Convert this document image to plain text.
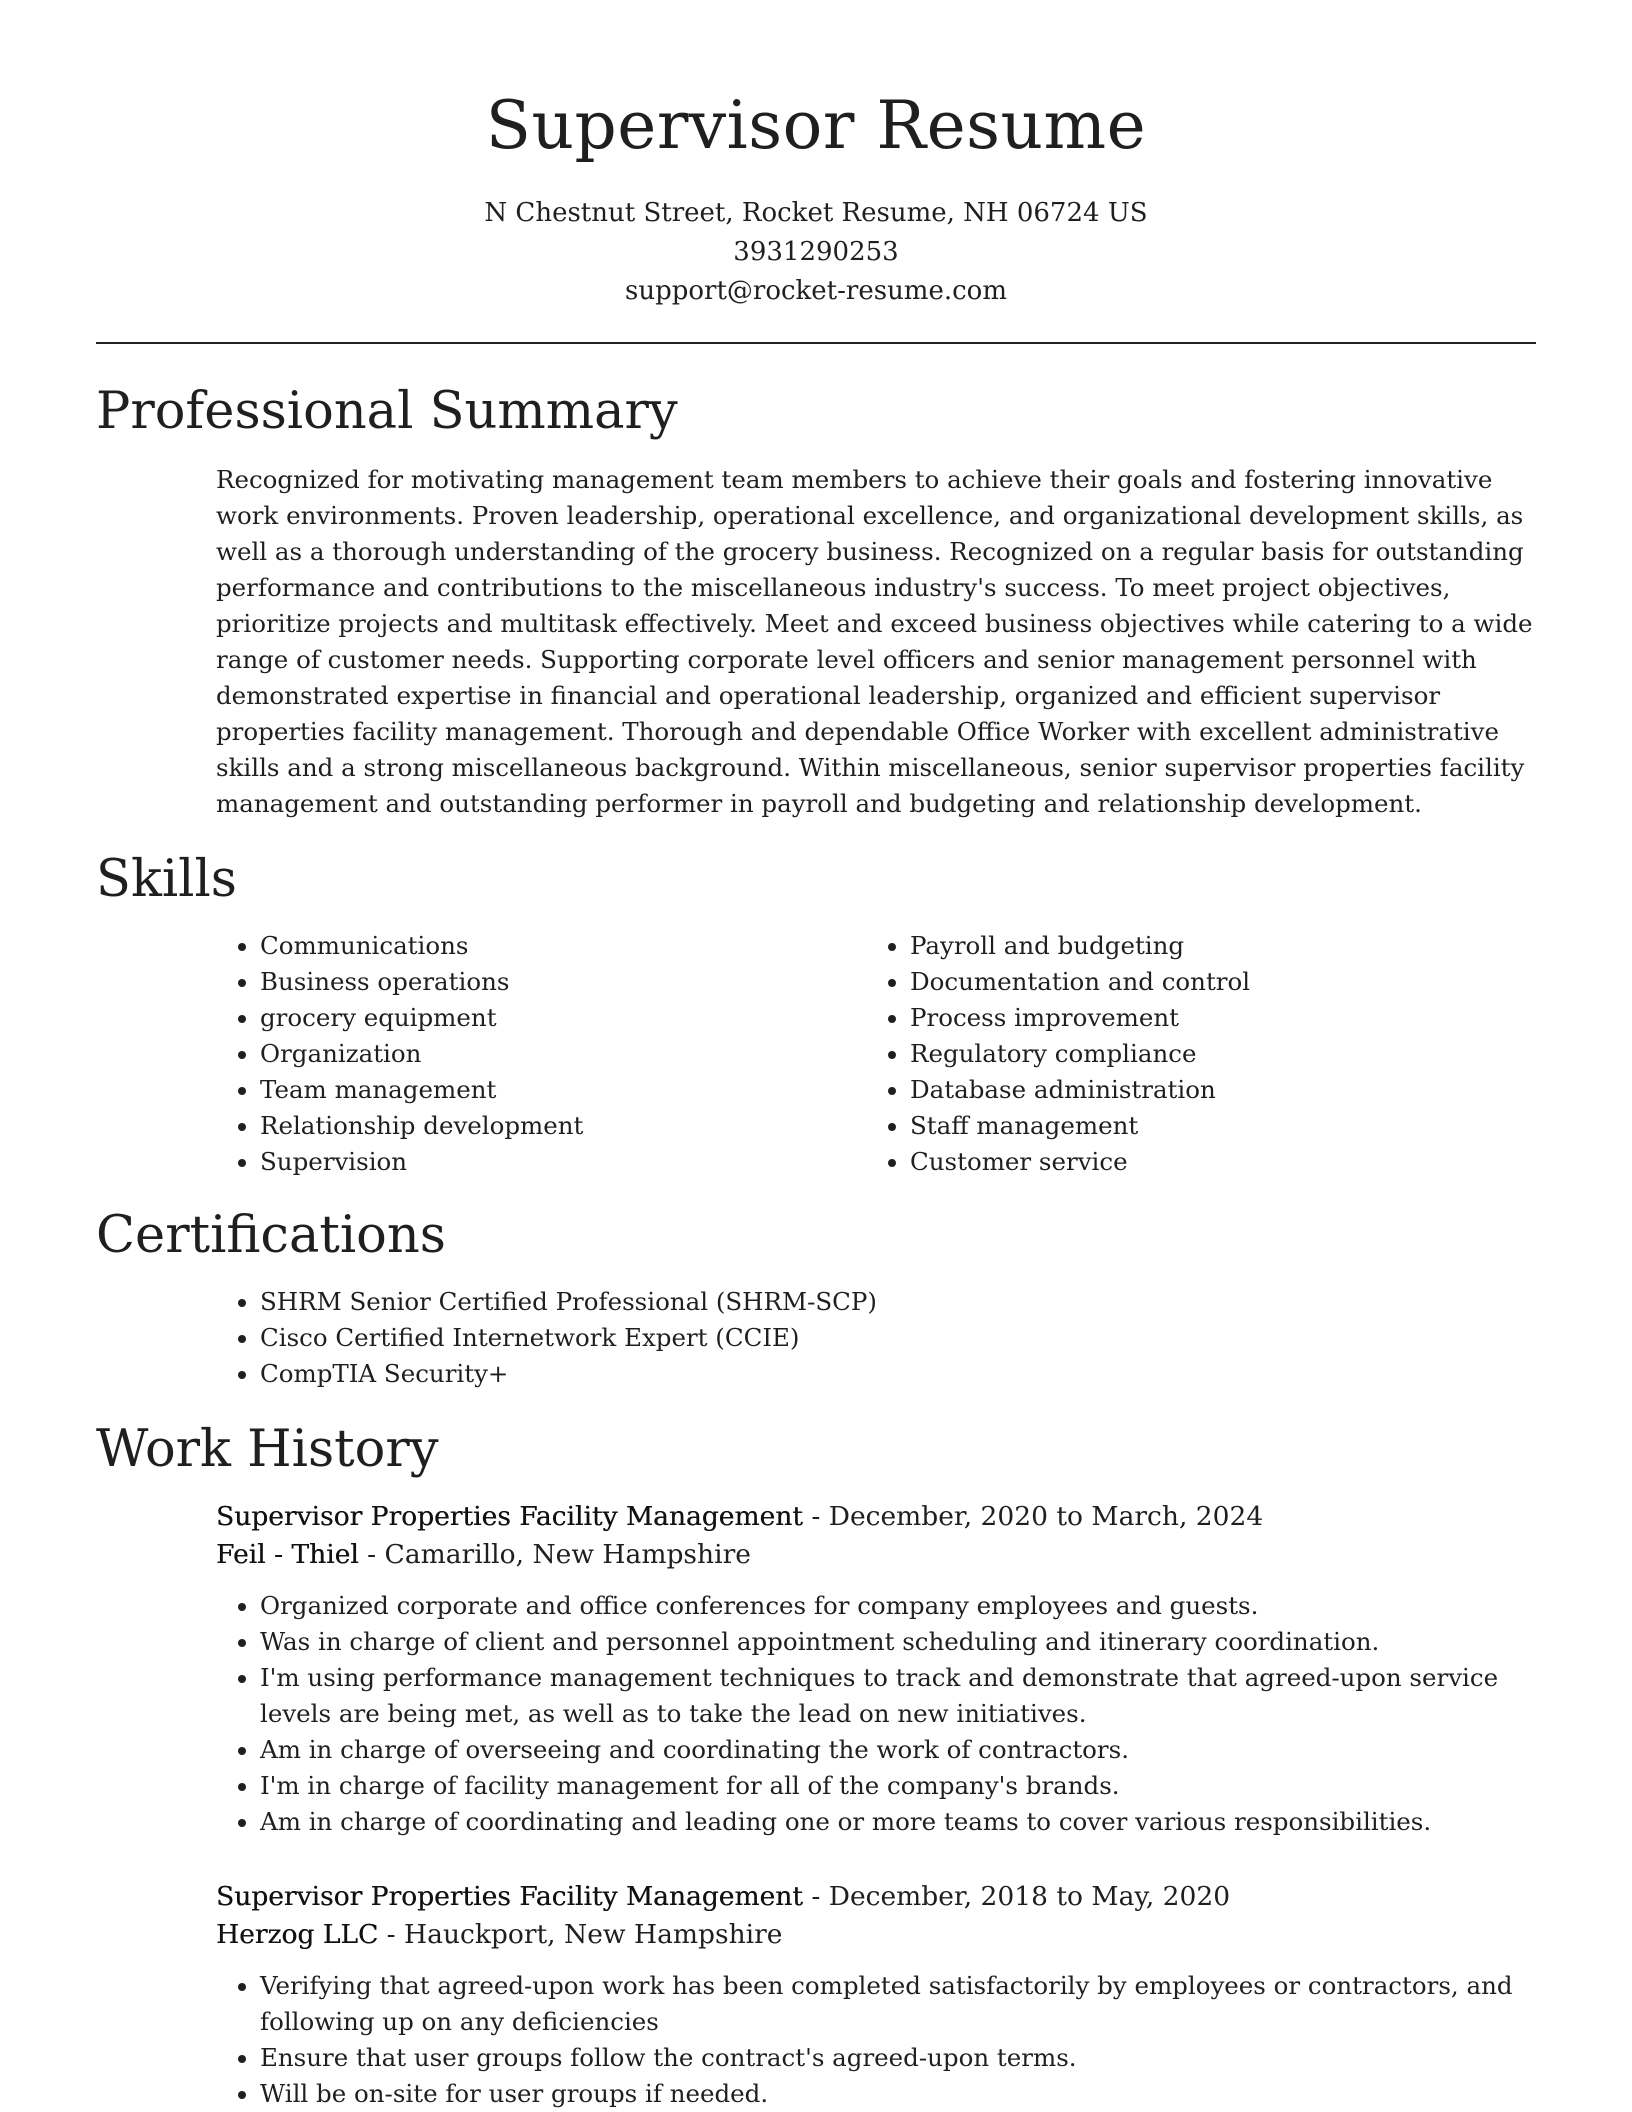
Supervisor Resume
N Chestnut Street, Rocket Resume, NH 06724 US
3931290253
support@rocket-resume.com
Professional Summary

Recognized for motivating management team members to achieve their goals and fostering innovative work environments. Proven leadership, operational excellence, and organizational development skills, as well as a thorough understanding of the grocery business. Recognized on a regular basis for outstanding performance and contributions to the miscellaneous industry's success. To meet project objectives, prioritize projects and multitask effectively. Meet and exceed business objectives while catering to a wide range of customer needs. Supporting corporate level officers and senior management personnel with demonstrated expertise in financial and operational leadership, organized and efficient supervisor properties facility management. Thorough and dependable Office Worker with excellent administrative skills and a strong miscellaneous background. Within miscellaneous, senior supervisor properties facility management and outstanding performer in payroll and budgeting and relationship development.

Skills
• Communications
• Business operations
• grocery equipment
• Organization
• Team management
• Relationship development
• Supervision
• Payroll and budgeting
• Documentation and control
• Process improvement
• Regulatory compliance
• Database administration
• Staff management
• Customer service
Certifications
• SHRM Senior Certified Professional (SHRM-SCP)
• Cisco Certified Internetwork Expert (CCIE)
• CompTIA Security+
Work History

Supervisor Properties Facility Management - December, 2020 to March, 2024

Feil - Thiel - Camarillo, New Hampshire

• Organized corporate and office conferences for company employees and guests.
• Was in charge of client and personnel appointment scheduling and itinerary coordination.
• I'm using performance management techniques to track and demonstrate that agreed-upon service levels are being met, as well as to take the lead on new initiatives.
• Am in charge of overseeing and coordinating the work of contractors.
• I'm in charge of facility management for all of the company's brands.
• Am in charge of coordinating and leading one or more teams to cover various responsibilities.

Supervisor Properties Facility Management - December, 2018 to May, 2020

Herzog LLC - Hauckport, New Hampshire

• Verifying that agreed-upon work has been completed satisfactorily by employees or contractors, and following up on any deficiencies
• Ensure that user groups follow the contract's agreed-upon terms.
• Will be on-site for user groups if needed.
